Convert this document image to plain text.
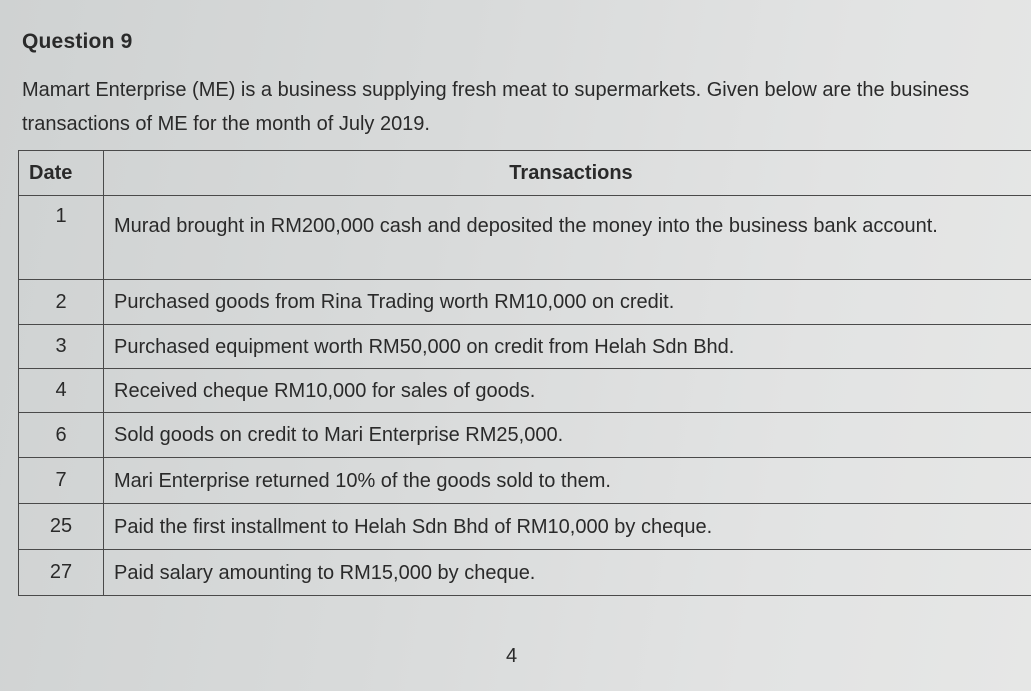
Question 9
Mamart Enterprise (ME) is a business supplying fresh meat to supermarkets. Given below are the business transactions of ME for the month of July 2019.
Date	Transactions
1	Murad brought in RM200,000 cash and deposited the money into the business bank account.
2	Purchased goods from Rina Trading worth RM10,000 on credit.
3	Purchased equipment worth RM50,000 on credit from Helah Sdn Bhd.
4	Received cheque RM10,000 for sales of goods.
6	Sold goods on credit to Mari Enterprise RM25,000.
7	Mari Enterprise returned 10% of the goods sold to them.
25	Paid the first installment to Helah Sdn Bhd of RM10,000 by cheque.
27	Paid salary amounting to RM15,000 by cheque.
4
